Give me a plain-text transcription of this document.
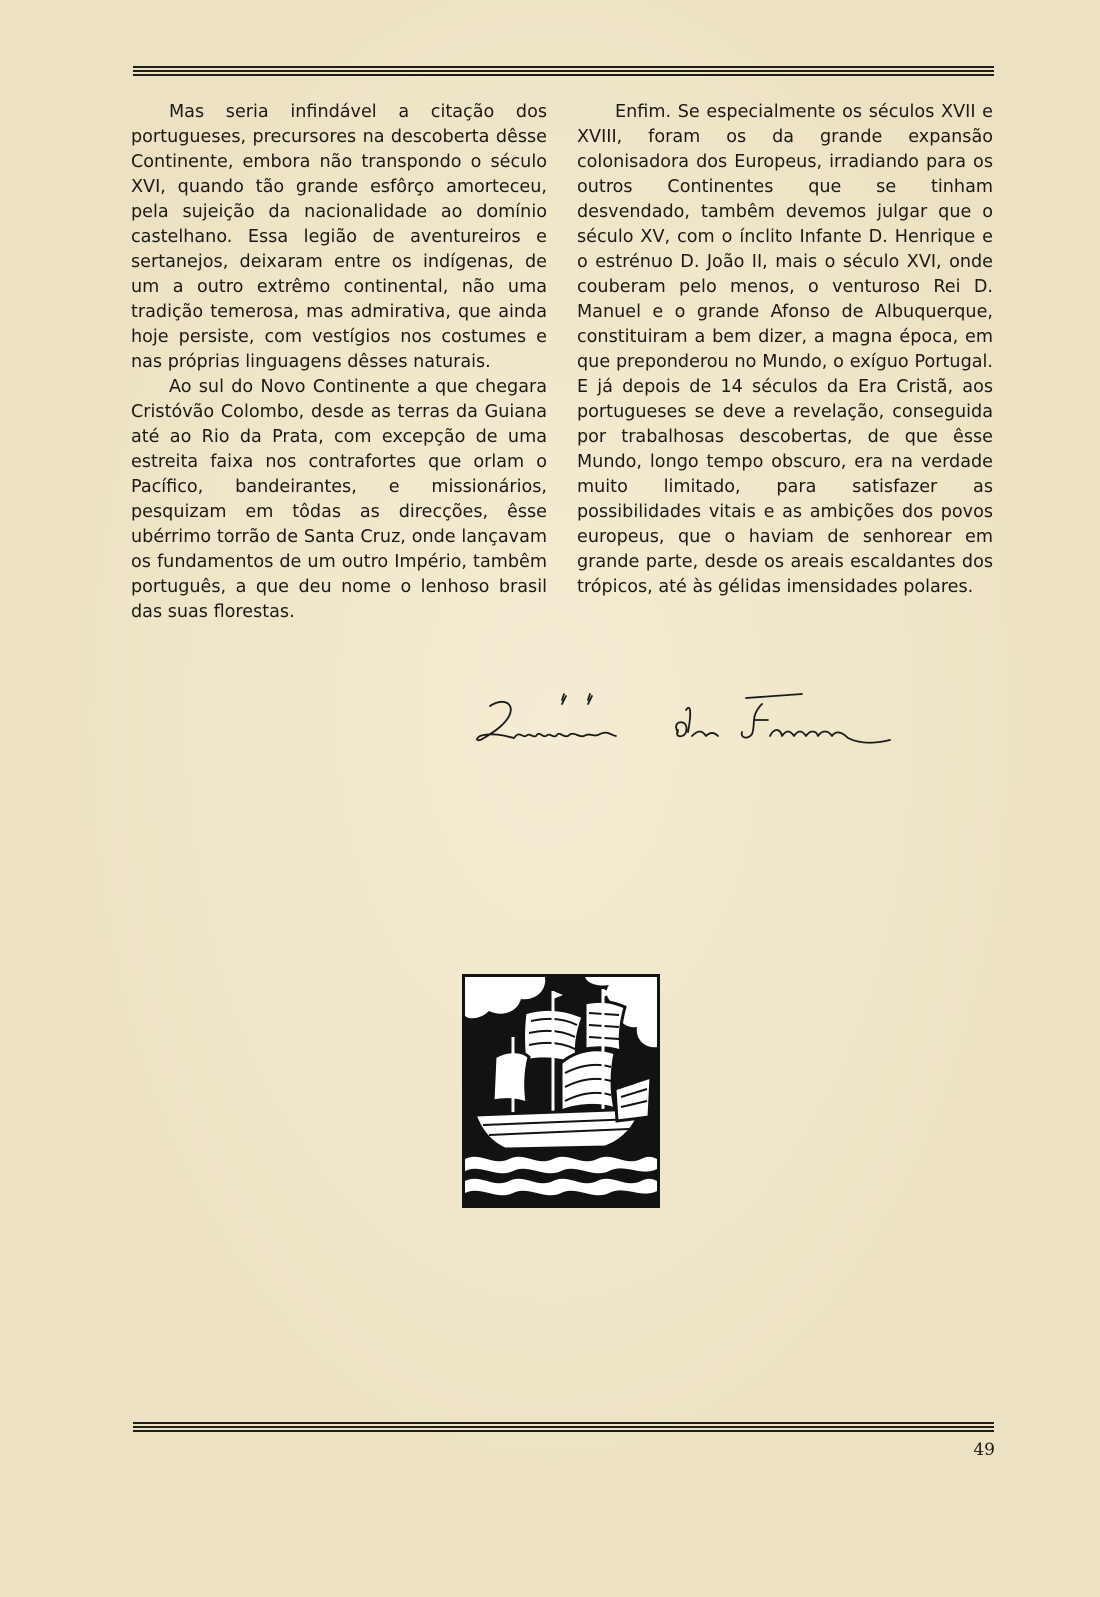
Mas seria infindável a citação dos portugueses, precursores na descoberta dêsse Continente, embora não transpondo o século XVI, quando tão grande esfôrço amorteceu, pela sujeição da nacionalidade ao domínio castelhano. Essa legião de aventureiros e sertanejos, deixaram entre os indígenas, de um a outro extrêmo continental, não uma tradição temerosa, mas admirativa, que ainda hoje persiste, com vestígios nos costumes e nas próprias linguagens dêsses naturais.

Ao sul do Novo Continente a que chegara Cristóvão Colombo, desde as terras da Guiana até ao Rio da Prata, com excepção de uma estreita faixa nos contrafortes que orlam o Pacífico, bandeirantes, e missionários, pesquizam em tôdas as direcções, êsse ubérrimo torrão de Santa Cruz, onde lançavam os fundamentos de um outro Império, tambêm português, a que deu nome o lenhoso brasil das suas florestas.

Enfim. Se especialmente os séculos XVII e XVIII, foram os da grande expansão colonisadora dos Europeus, irradiando para os outros Continentes que se tinham desvendado, tambêm devemos julgar que o século XV, com o ínclito Infante D. Henrique e o estrénuo D. João II, mais o século XVI, onde couberam pelo menos, o venturoso Rei D. Manuel e o grande Afonso de Albuquerque, constituiram a bem dizer, a magna época, em que preponderou no Mundo, o exíguo Portugal. E já depois de 14 séculos da Era Cristã, aos portugueses se deve a revelação, conseguida por trabalhosas descobertas, de que êsse Mundo, longo tempo obscuro, era na verdade muito limitado, para satisfazer as possibilidades vitais e as ambições dos povos europeus, que o haviam de senhorear em grande parte, desde os areais escaldantes dos trópicos, até às gélidas imensidades polares.

49
